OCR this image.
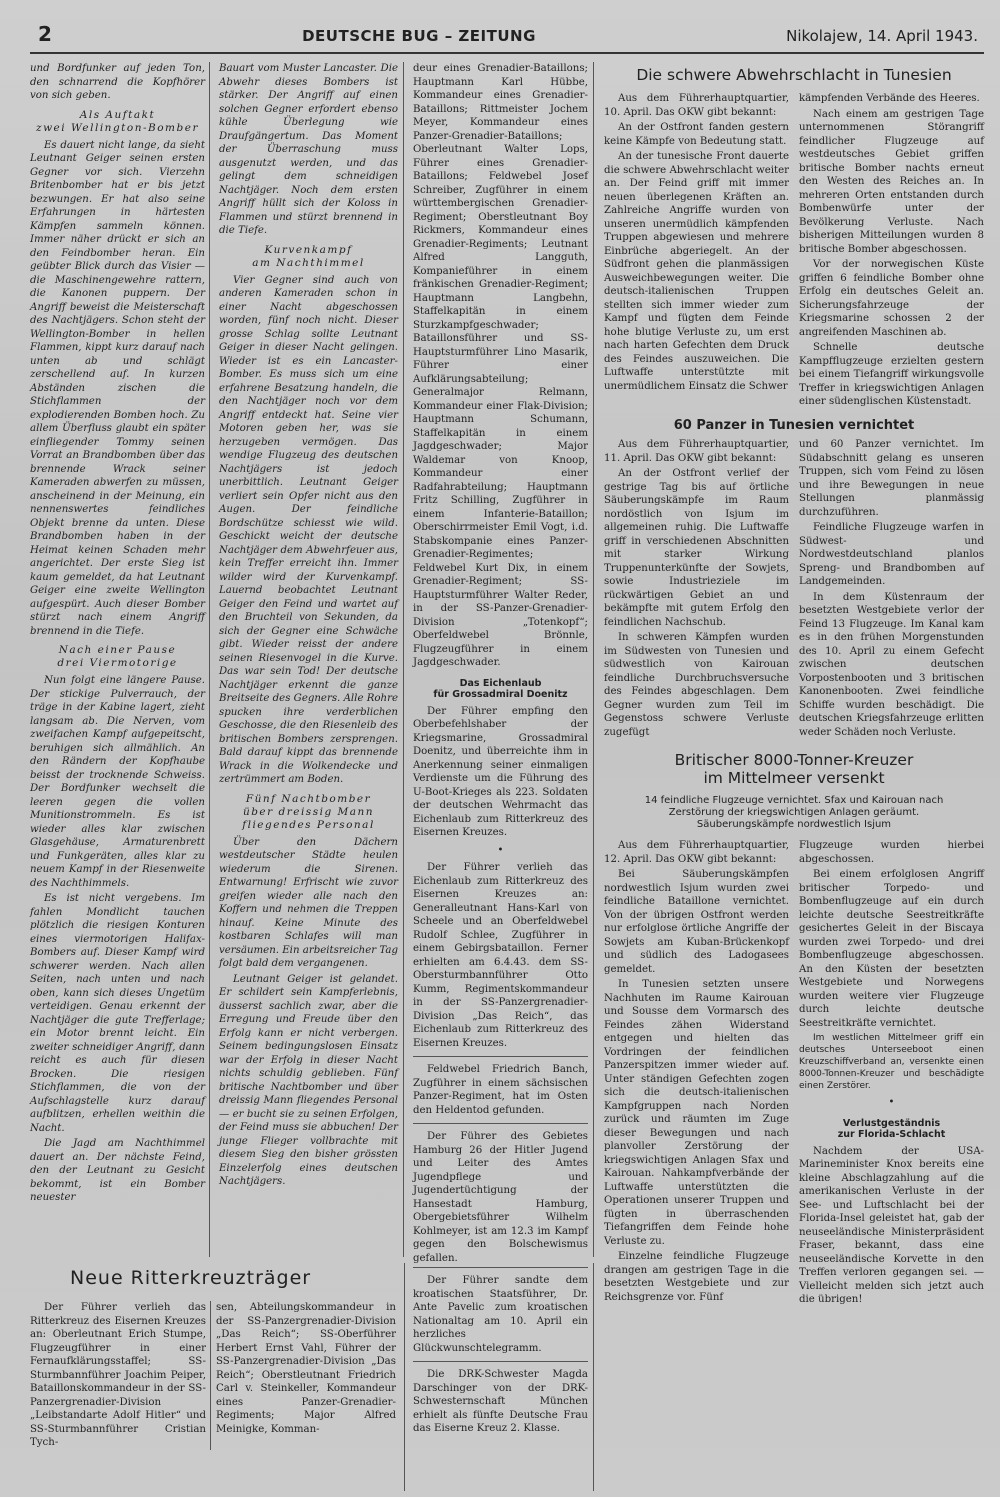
2	DEUTSCHE BUG – ZEITUNG	Nikolajew, 14. April 1943.

und Bordfunker auf jeden Ton, den schnarrend die Kopfhörer von sich geben.

Als Auftakt
zwei Wellington-Bomber

Es dauert nicht lange, da sieht Leutnant Geiger seinen ersten Gegner vor sich. Vierzehn Britenbomber hat er bis jetzt bezwungen. Er hat also seine Erfahrungen in härtesten Kämpfen sammeln können. Immer näher drückt er sich an den Feindbomber heran. Ein geübter Blick durch das Visier — die Maschinengewehre rattern, die Kanonen puppern. Der Angriff beweist die Meisterschaft des Nachtjägers. Schon steht der Wellington-Bomber in hellen Flammen, kippt kurz darauf nach unten ab und schlägt zerschellend auf. In kurzen Abständen zischen die Stichflammen der explodierenden Bomben hoch. Zu allem Überfluss glaubt ein später einfliegender Tommy seinen Vorrat an Brandbomben über das brennende Wrack seiner Kameraden abwerfen zu müssen, anscheinend in der Meinung, ein nennenswertes feindliches Objekt brenne da unten. Diese Brandbomben haben in der Heimat keinen Schaden mehr angerichtet. Der erste Sieg ist kaum gemeldet, da hat Leutnant Geiger eine zweite Wellington aufgespürt. Auch dieser Bomber stürzt nach einem Angriff brennend in die Tiefe.

Nach einer Pause
drei Viermotorige

Nun folgt eine längere Pause. Der stickige Pulverrauch, der träge in der Kabine lagert, zieht langsam ab. Die Nerven, vom zweifachen Kampf aufgepeitscht, beruhigen sich allmählich. An den Rändern der Kopfhaube beisst der trocknende Schweiss. Der Bordfunker wechselt die leeren gegen die vollen Munitionstrommeln. Es ist wieder alles klar zwischen Glasgehäuse, Armaturenbrett und Funkgeräten, alles klar zu neuem Kampf in der Riesenweite des Nachthimmels.

Es ist nicht vergebens. Im fahlen Mondlicht tauchen plötzlich die riesigen Konturen eines viermotorigen Halifax-Bombers auf. Dieser Kampf wird schwerer werden. Nach allen Seiten, nach unten und nach oben, kann sich dieses Ungetüm verteidigen. Genau erkennt der Nachtjäger die gute Trefferlage; ein Motor brennt leicht. Ein zweiter schneidiger Angriff, dann reicht es auch für diesen Brocken. Die riesigen Stichflammen, die von der Aufschlagstelle kurz darauf aufblitzen, erhellen weithin die Nacht.

Die Jagd am Nachthimmel dauert an. Der nächste Feind, den der Leutnant zu Gesicht bekommt, ist ein Bomber neuester

Bauart vom Muster Lancaster. Die Abwehr dieses Bombers ist stärker. Der Angriff auf einen solchen Gegner erfordert ebenso kühle Überlegung wie Draufgängertum. Das Moment der Überraschung muss ausgenutzt werden, und das gelingt dem schneidigen Nachtjäger. Noch dem ersten Angriff hüllt sich der Koloss in Flammen und stürzt brennend in die Tiefe.

Kurvenkampf
am Nachthimmel

Vier Gegner sind auch von anderen Kameraden schon in einer Nacht abgeschossen worden, fünf noch nicht. Dieser grosse Schlag sollte Leutnant Geiger in dieser Nacht gelingen. Wieder ist es ein Lancaster-Bomber. Es muss sich um eine erfahrene Besatzung handeln, die den Nachtjäger noch vor dem Angriff entdeckt hat. Seine vier Motoren geben her, was sie herzugeben vermögen. Das wendige Flugzeug des deutschen Nachtjägers ist jedoch unerbittlich. Leutnant Geiger verliert sein Opfer nicht aus den Augen. Der feindliche Bordschütze schiesst wie wild. Geschickt weicht der deutsche Nachtjäger dem Abwehrfeuer aus, kein Treffer erreicht ihn. Immer wilder wird der Kurvenkampf. Lauernd beobachtet Leutnant Geiger den Feind und wartet auf den Bruchteil von Sekunden, da sich der Gegner eine Schwäche gibt. Wieder reisst der andere seinen Riesenvogel in die Kurve. Das war sein Tod! Der deutsche Nachtjäger erkennt die ganze Breitseite des Gegners. Alle Rohre spucken ihre verderblichen Geschosse, die den Riesenleib des britischen Bombers zersprengen. Bald darauf kippt das brennende Wrack in die Wolkendecke und zertrümmert am Boden.

Fünf Nachtbomber
über dreissig Mann
fliegendes Personal

Über den Dächern westdeutscher Städte heulen wiederum die Sirenen. Entwarnung! Erfrischt wie zuvor greifen wieder alle nach den Koffern und nehmen die Treppen hinauf. Keine Minute des kostbaren Schlafes will man versäumen. Ein arbeitsreicher Tag folgt bald dem vergangenen.

Leutnant Geiger ist gelandet. Er schildert sein Kampferlebnis, äusserst sachlich zwar, aber die Erregung und Freude über den Erfolg kann er nicht verbergen. Seinem bedingungslosen Einsatz war der Erfolg in dieser Nacht nichts schuldig geblieben. Fünf britische Nachtbomber und über dreissig Mann fliegendes Personal — er bucht sie zu seinen Erfolgen, der Feind muss sie abbuchen! Der junge Flieger vollbrachte mit diesem Sieg den bisher grössten Einzelerfolg eines deutschen Nachtjägers.

deur eines Grenadier-Bataillons; Hauptmann Karl Hübbe, Kommandeur eines Grenadier-Bataillons; Rittmeister Jochem Meyer, Kommandeur eines Panzer-Grenadier-Bataillons; Oberleutnant Walter Lops, Führer eines Grenadier-Bataillons; Feldwebel Josef Schreiber, Zugführer in einem württembergischen Grenadier-Regiment; Oberstleutnant Boy Rickmers, Kommandeur eines Grenadier-Regiments; Leutnant Alfred Langguth, Kompanieführer in einem fränkischen Grenadier-Regiment; Hauptmann Langbehn, Staffelkapitän in einem Sturzkampfgeschwader; Bataillonsführer und SS-Hauptsturmführer Lino Masarik, Führer einer Aufklärungsabteilung; Generalmajor Relmann, Kommandeur einer Flak-Division; Hauptmann Schumann, Staffelkapitän in einem Jagdgeschwader; Major Waldemar von Knoop, Kommandeur einer Radfahrabteilung; Hauptmann Fritz Schilling, Zugführer in einem Infanterie-Bataillon; Oberschirrmeister Emil Vogt, i.d. Stabskompanie eines Panzer-Grenadier-Regimentes; Feldwebel Kurt Dix, in einem Grenadier-Regiment; SS-Hauptsturmführer Walter Reder, in der SS-Panzer-Grenadier-Division „Totenkopf“; Oberfeldwebel Brönnle, Flugzeugführer in einem Jagdgeschwader.

Das Eichenlaub
für Grossadmiral Doenitz

Der Führer empfing den Oberbefehlshaber der Kriegsmarine, Grossadmiral Doenitz, und überreichte ihm in Anerkennung seiner einmaligen Verdienste um die Führung des U-Boot-Krieges als 223. Soldaten der deutschen Wehrmacht das Eichenlaub zum Ritterkreuz des Eisernen Kreuzes.

•

Der Führer verlieh das Eichenlaub zum Ritterkreuz des Eisernen Kreuzes an: Generalleutnant Hans-Karl von Scheele und an Oberfeldwebel Rudolf Schlee, Zugführer in einem Gebirgsbataillon. Ferner erhielten am 6.4.43. dem SS-Obersturmbannführer Otto Kumm, Regimentskommandeur in der SS-Panzergrenadier-Division „Das Reich“, das Eichenlaub zum Ritterkreuz des Eisernen Kreuzes.

Feldwebel Friedrich Banch, Zugführer in einem sächsischen Panzer-Regiment, hat im Osten den Heldentod gefunden.

Der Führer des Gebietes Hamburg 26 der Hitler Jugend und Leiter des Amtes Jugendpflege und Jugendertüchtigung der Hansestadt Hamburg, Obergebietsführer Wilhelm Kohlmeyer, ist am 12.3 im Kampf gegen den Bolschewismus gefallen.

Die schwere Abwehrschlacht in Tunesien

Aus dem Führerhauptquartier, 10. April. Das OKW gibt bekannt:

An der Ostfront fanden gestern keine Kämpfe von Bedeutung statt.

An der tunesische Front dauerte die schwere Abwehrschlacht weiter an. Der Feind griff mit immer neuen überlegenen Kräften an. Zahlreiche Angriffe wurden von unseren unermüdlich kämpfenden Truppen abgewiesen und mehrere Einbrüche abgeriegelt. An der Südfront gehen die planmässigen Ausweichbewegungen weiter. Die deutsch-italienischen Truppen stellten sich immer wieder zum Kampf und fügten dem Feinde hohe blutige Verluste zu, um erst nach harten Gefechten dem Druck des Feindes auszuweichen. Die Luftwaffe unterstützte mit unermüdlichem Einsatz die Schwer

kämpfenden Verbände des Heeres.

Nach einem am gestrigen Tage unternommenen Störangriff feindlicher Flugzeuge auf westdeutsches Gebiet griffen britische Bomber nachts erneut den Westen des Reiches an. In mehreren Orten entstanden durch Bombenwürfe unter der Bevölkerung Verluste. Nach bisherigen Mitteilungen wurden 8 britische Bomber abgeschossen.

Vor der norwegischen Küste griffen 6 feindliche Bomber ohne Erfolg ein deutsches Geleit an. Sicherungsfahrzeuge der Kriegsmarine schossen 2 der angreifenden Maschinen ab.

Schnelle deutsche Kampfflugzeuge erzielten gestern bei einem Tiefangriff wirkungsvolle Treffer in kriegswichtigen Anlagen einer südenglischen Küstenstadt.

60 Panzer in Tunesien vernichtet

Aus dem Führerhauptquartier, 11. April. Das OKW gibt bekannt:

An der Ostfront verlief der gestrige Tag bis auf örtliche Säuberungskämpfe im Raum nordöstlich von Isjum im allgemeinen ruhig. Die Luftwaffe griff in verschiedenen Abschnitten mit starker Wirkung Truppenunterkünfte der Sowjets, sowie Industrieziele im rückwärtigen Gebiet an und bekämpfte mit gutem Erfolg den feindlichen Nachschub.

In schweren Kämpfen wurden im Südwesten von Tunesien und südwestlich von Kairouan feindliche Durchbruchsversuche des Feindes abgeschlagen. Dem Gegner wurden zum Teil im Gegenstoss schwere Verluste zugefügt

und 60 Panzer vernichtet. Im Südabschnitt gelang es unseren Truppen, sich vom Feind zu lösen und ihre Bewegungen in neue Stellungen planmässig durchzuführen.

Feindliche Flugzeuge warfen in Südwest- und Nordwestdeutschland planlos Spreng- und Brandbomben auf Landgemeinden.

In dem Küstenraum der besetzten Westgebiete verlor der Feind 13 Flugzeuge. Im Kanal kam es in den frühen Morgenstunden des 10. April zu einem Gefecht zwischen deutschen Vorpostenbooten und 3 britischen Kanonenbooten. Zwei feindliche Schiffe wurden beschädigt. Die deutschen Kriegsfahrzeuge erlitten weder Schäden noch Verluste.

Britischer 8000-Tonner-Kreuzer
im Mittelmeer versenkt
14 feindliche Flugzeuge vernichtet. Sfax und Kairouan nach
Zerstörung der kriegswichtigen Anlagen geräumt.
Säuberungskämpfe nordwestlich Isjum

Aus dem Führerhauptquartier, 12. April. Das OKW gibt bekannt:

Bei Säuberungskämpfen nordwestlich Isjum wurden zwei feindliche Bataillone vernichtet. Von der übrigen Ostfront werden nur erfolglose örtliche Angriffe der Sowjets am Kuban-Brückenkopf und südlich des Ladogasees gemeldet.

In Tunesien setzten unsere Nachhuten im Raume Kairouan und Sousse dem Vormarsch des Feindes zähen Widerstand entgegen und hielten das Vordringen der feindlichen Panzerspitzen immer wieder auf. Unter ständigen Gefechten zogen sich die deutsch-italienischen Kampfgruppen nach Norden zurück und räumten im Zuge dieser Bewegungen und nach planvoller Zerstörung der kriegswichtigen Anlagen Sfax und Kairouan. Nahkampfverbände der Luftwaffe unterstützten die Operationen unserer Truppen und fügten in überraschenden Tiefangriffen dem Feinde hohe Verluste zu.

Einzelne feindliche Flugzeuge drangen am gestrigen Tage in die besetzten Westgebiete und zur Reichsgrenze vor. Fünf

Flugzeuge wurden hierbei abgeschossen.

Bei einem erfolglosen Angriff britischer Torpedo- und Bombenflugzeuge auf ein durch leichte deutsche Seestreitkräfte gesichertes Geleit in der Biscaya wurden zwei Torpedo- und drei Bombenflugzeuge abgeschossen. An den Küsten der besetzten Westgebiete und Norwegens wurden weitere vier Flugzeuge durch leichte deutsche Seestreitkräfte vernichtet.

Im westlichen Mittelmeer griff ein deutsches Unterseeboot einen Kreuzschiffverband an, versenkte einen 8000-Tonnen-Kreuzer und beschädigte einen Zerstörer.

•
Verlustgeständnis
zur Florida-Schlacht

Nachdem der USA-Marineminister Knox bereits eine kleine Abschlagzahlung auf die amerikanischen Verluste in der See- und Luftschlacht bei der Florida-Insel geleistet hat, gab der neuseeländische Ministerpräsident Fraser, bekannt, dass eine neuseeländische Korvette in den Treffen verloren gegangen sei. — Vielleicht melden sich jetzt auch die übrigen!

Neue Ritterkreuzträger

Der Führer verlieh das Ritterkreuz des Eisernen Kreuzes an: Oberleutnant Erich Stumpe, Flugzeugführer in einer Fernaufklärungsstaffel; SS-Sturmbannführer Joachim Peiper, Bataillonskommandeur in der SS-Panzergrenadier-Division „Leibstandarte Adolf Hitler“ und SS-Sturmbannführer Cristian Tych-

sen, Abteilungskommandeur in der SS-Panzergrenadier-Division „Das Reich“; SS-Oberführer Herbert Ernst Vahl, Führer der SS-Panzergrenadier-Division „Das Reich“; Oberstleutnant Friedrich Carl v. Steinkeller, Kommandeur eines Panzer-Grenadier-Regiments; Major Alfred Meinigke, Komman-

Der Führer sandte dem kroatischen Staatsführer, Dr. Ante Pavelic zum kroatischen Nationaltag am 10. April ein herzliches Glückwunschtelegramm.

Die DRK-Schwester Magda Darschinger von der DRK-Schwesternschaft München erhielt als fünfte Deutsche Frau das Eiserne Kreuz 2. Klasse.
